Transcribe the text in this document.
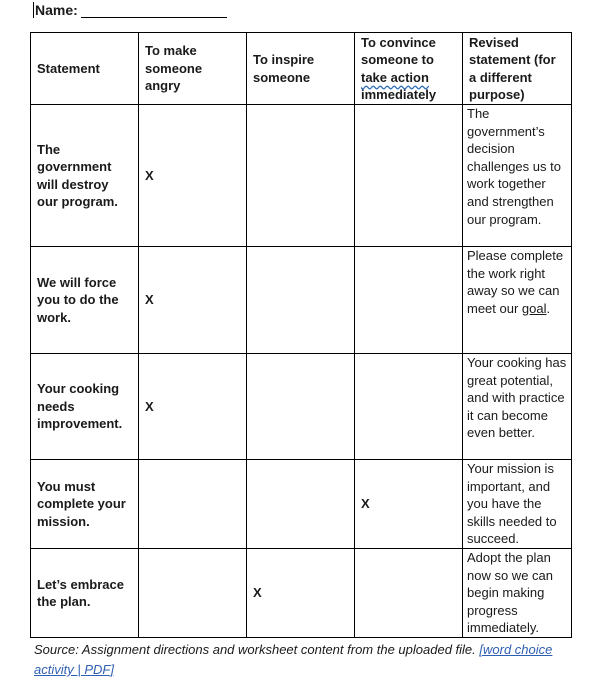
Name:
Statement	To make someone angry	To inspire someone	To convince someone to take action immediately	Revised statement (for a different purpose)
The government will destroy our program.	X			The government’s decision challenges us to work together and strengthen our program.
We will force you to do the work.	X			Please complete the work right away so we can meet our goal.
Your cooking needs improvement.	X			Your cooking has great potential, and with practice it can become even better.
You must complete your mission.			X	Your mission is important, and you have the skills needed to succeed.
Let’s embrace the plan.		X		Adopt the plan now so we can begin making progress immediately.
Source: Assignment directions and worksheet content from the uploaded file. [word choice activity | PDF]
